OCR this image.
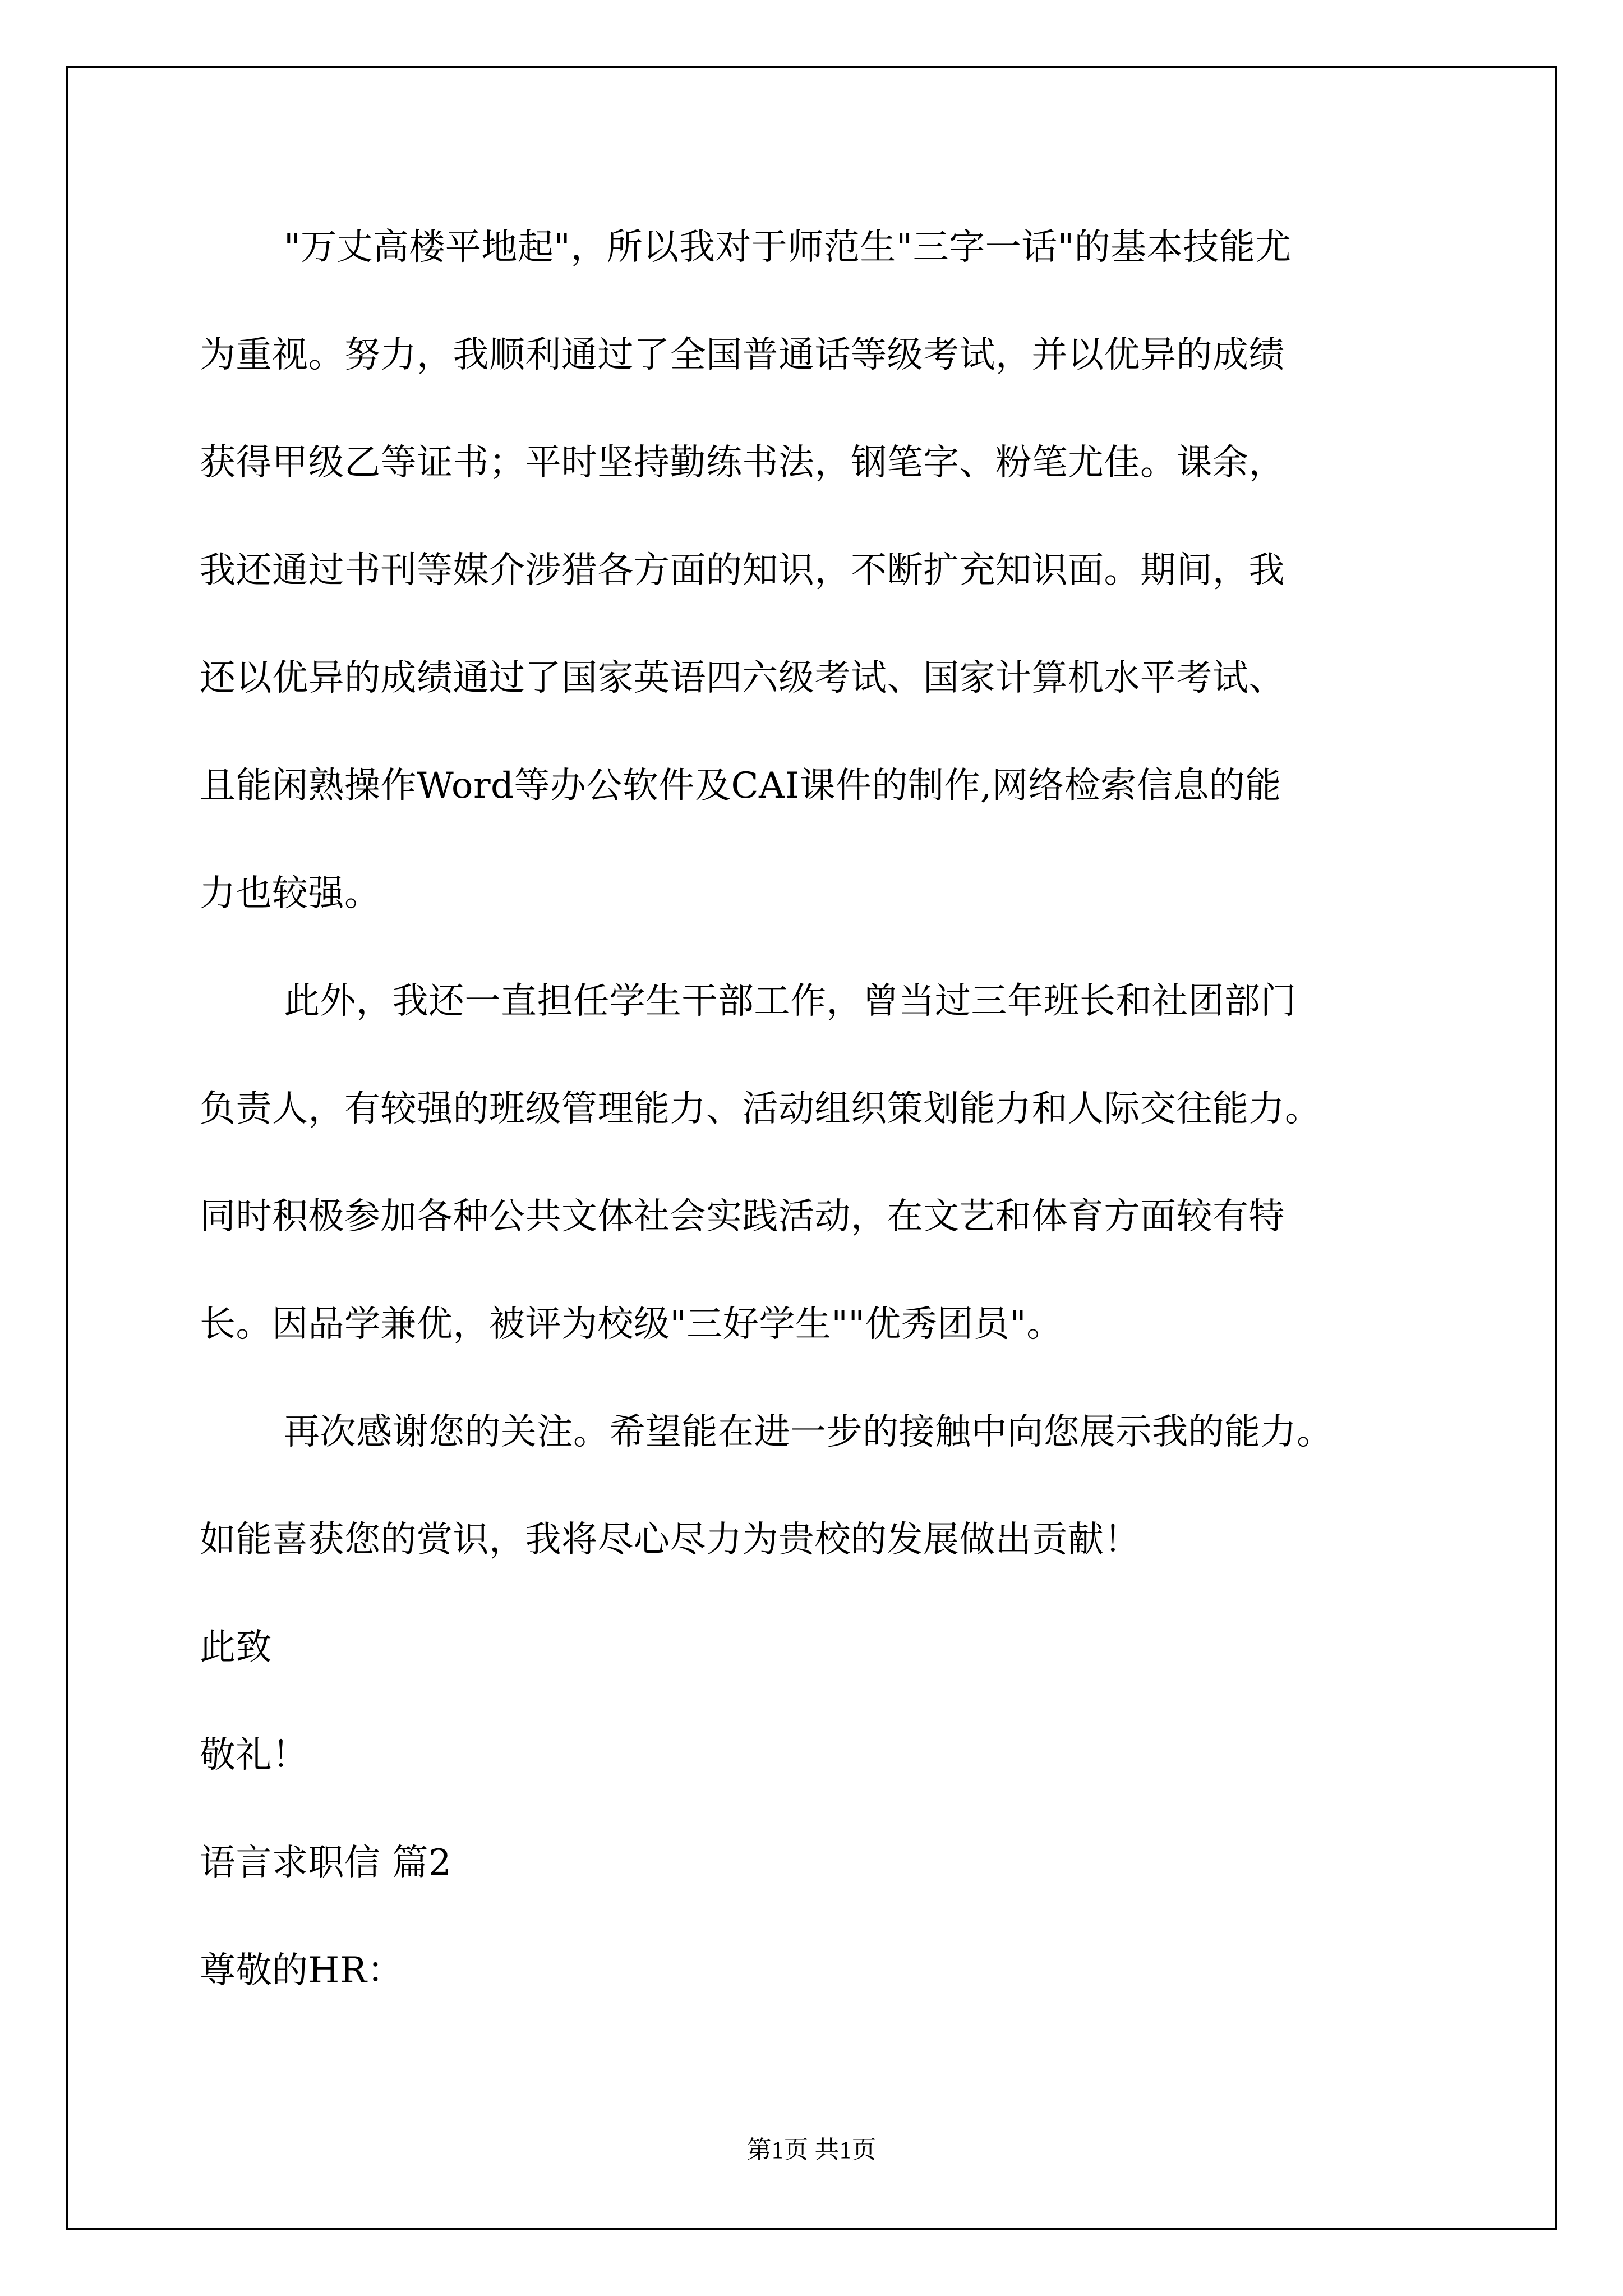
"万丈高楼平地起"，所以我对于师范生"三字一话"的基本技能尤
为重视。努力，我顺利通过了全国普通话等级考试，并以优异的成绩
获得甲级乙等证书；平时坚持勤练书法，钢笔字、粉笔尤佳。课余，
我还通过书刊等媒介涉猎各方面的知识，不断扩充知识面。期间，我
还以优异的成绩通过了国家英语四六级考试、国家计算机水平考试、
且能闲熟操作Word等办公软件及CAI课件的制作,网络检索信息的能
力也较强。
此外，我还一直担任学生干部工作，曾当过三年班长和社团部门
负责人，有较强的班级管理能力、活动组织策划能力和人际交往能力。
同时积极参加各种公共文体社会实践活动，在文艺和体育方面较有特
长。因品学兼优，被评为校级"三好学生""优秀团员"。
再次感谢您的关注。希望能在进一步的接触中向您展示我的能力。
如能喜获您的赏识，我将尽心尽力为贵校的发展做出贡献！
此致
敬礼！
语言求职信 篇2
尊敬的HR：
第1页 共1页
